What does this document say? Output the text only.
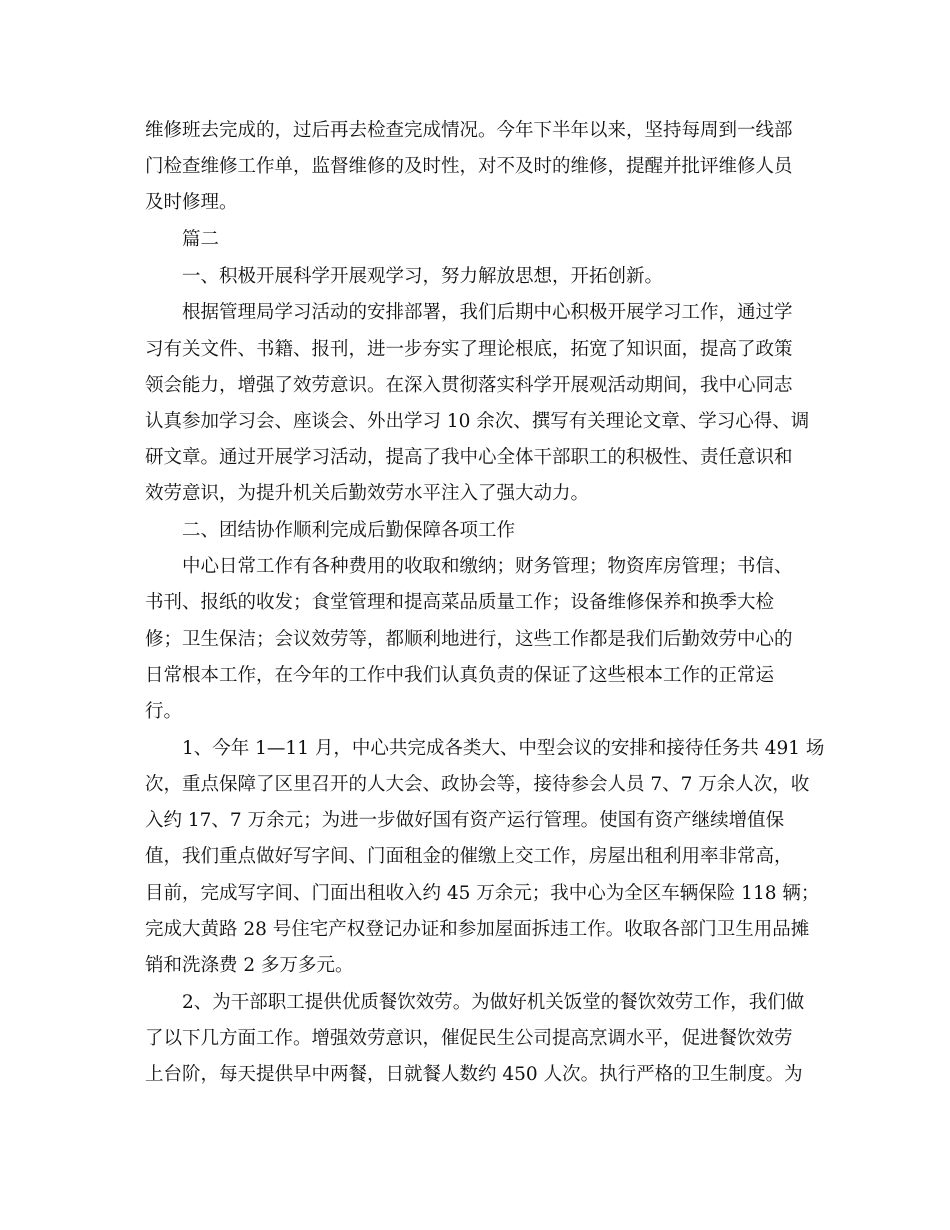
维修班去完成的，过后再去检查完成情况。今年下半年以来，坚持每周到一线部
门检查维修工作单，监督维修的及时性，对不及时的维修，提醒并批评维修人员
及时修理。
篇二
一、积极开展科学开展观学习，努力解放思想，开拓创新。
根据管理局学习活动的安排部署，我们后期中心积极开展学习工作，通过学
习有关文件、书籍、报刊，进一步夯实了理论根底，拓宽了知识面，提高了政策
领会能力，增强了效劳意识。在深入贯彻落实科学开展观活动期间，我中心同志
认真参加学习会、座谈会、外出学习 10 余次、撰写有关理论文章、学习心得、调
研文章。通过开展学习活动，提高了我中心全体干部职工的积极性、责任意识和
效劳意识，为提升机关后勤效劳水平注入了强大动力。
二、团结协作顺利完成后勤保障各项工作
中心日常工作有各种费用的收取和缴纳；财务管理；物资库房管理；书信、
书刊、报纸的收发；食堂管理和提高菜品质量工作；设备维修保养和换季大检
修；卫生保洁；会议效劳等，都顺利地进行，这些工作都是我们后勤效劳中心的
日常根本工作，在今年的工作中我们认真负责的保证了这些根本工作的正常运
行。
1、今年 1—11 月，中心共完成各类大、中型会议的安排和接待任务共 491 场
次，重点保障了区里召开的人大会、政协会等，接待参会人员 7、7 万余人次，收
入约 17、7 万余元；为进一步做好国有资产运行管理。使国有资产继续增值保
值，我们重点做好写字间、门面租金的催缴上交工作，房屋出租利用率非常高，
目前，完成写字间、门面出租收入约 45 万余元；我中心为全区车辆保险 118 辆；
完成大黄路 28 号住宅产权登记办证和参加屋面拆违工作。收取各部门卫生用品摊
销和洗涤费 2 多万多元。
2、为干部职工提供优质餐饮效劳。为做好机关饭堂的餐饮效劳工作，我们做
了以下几方面工作。增强效劳意识，催促民生公司提高烹调水平，促进餐饮效劳
上台阶，每天提供早中两餐，日就餐人数约 450 人次。执行严格的卫生制度。为
